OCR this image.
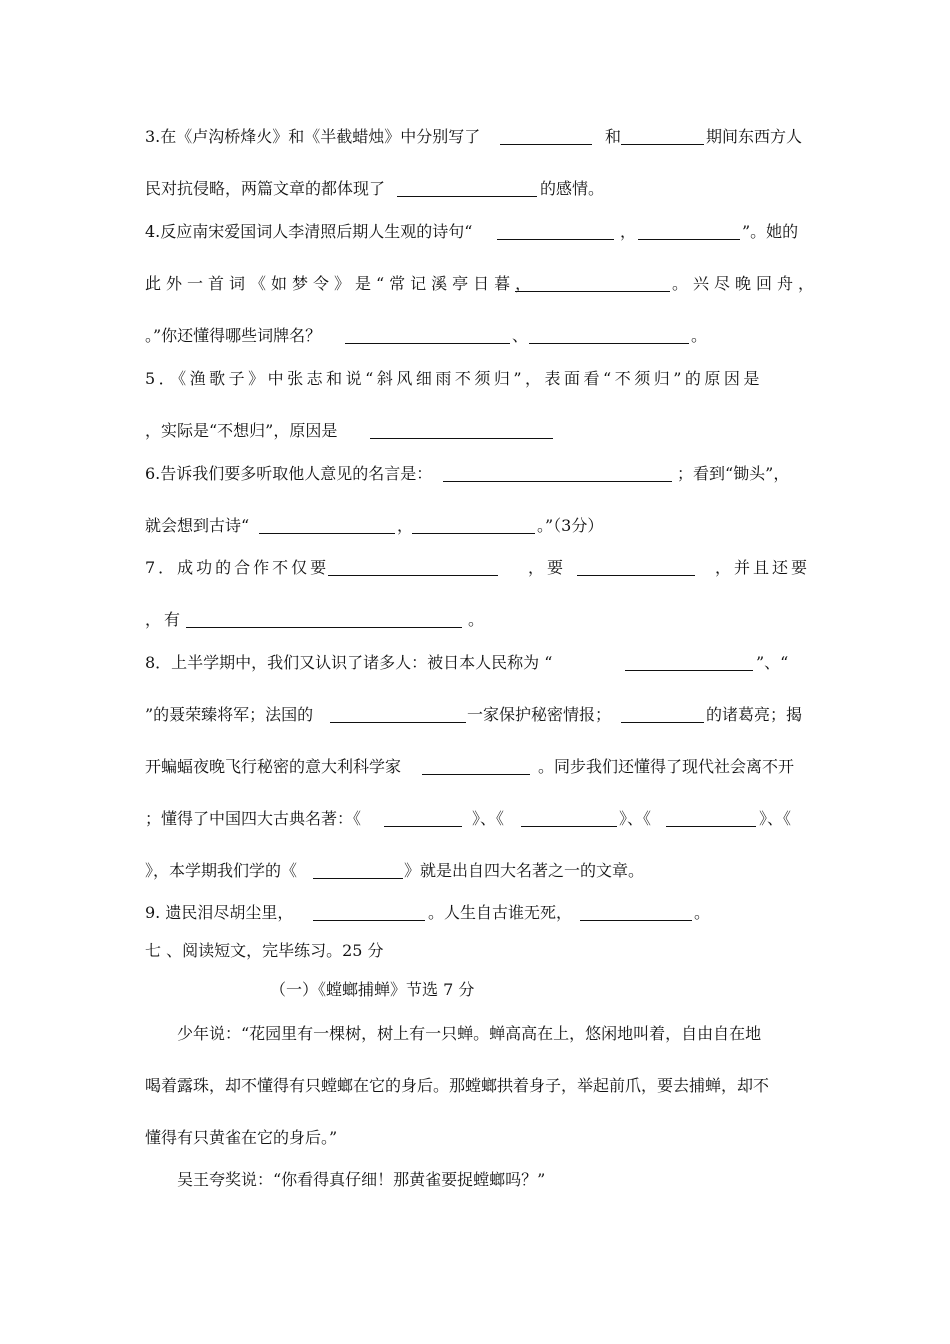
3.在《卢沟桥烽火》和《半截蜡烛》中分别写了	和	期间东西方人
民对抗侵略，两篇文章的都体现了	的感情。
4.反应南宋爱国词人李清照后期人生观的诗句“	，	”。她的
此外一首词《如梦令》是“常记溪亭日暮，	。兴尽晚回舟，
。”你还懂得哪些词牌名？	、	。
5．《渔歌子》中张志和说“斜风细雨不须归”，表面看“不须归”的原因是
，实际是“不想归”，原因是
6.告诉我们要多听取他人意见的名言是：	；看到“锄头”，
就会想到古诗“	，	。”（3分）
7．成功的合作不仅要	，要	，并且还要
，有	。
8．上半学期中，我们又认识了诸多人：被日本人民称为 “	”、“
”的聂荣臻将军；法国的	一家保护秘密情报；	的诸葛亮；揭
开蝙蝠夜晚飞行秘密的意大利科学家	。同步我们还懂得了现代社会离不开
；懂得了中国四大古典名著：《	》、《	》、《	》、《
》，本学期我们学的《	》就是出自四大名著之一的文章。
9. 遗民泪尽胡尘里，	。人生自古谁无死，	。
七 、阅读短文，完毕练习。25 分
（一）《螳螂捕蝉》节选 7 分
少年说：“花园里有一棵树，树上有一只蝉。蝉高高在上，悠闲地叫着，自由自在地
喝着露珠，却不懂得有只螳螂在它的身后。那螳螂拱着身子，举起前爪，要去捕蝉，却不
懂得有只黄雀在它的身后。”
吴王夸奖说：“你看得真仔细！那黄雀要捉螳螂吗？”
